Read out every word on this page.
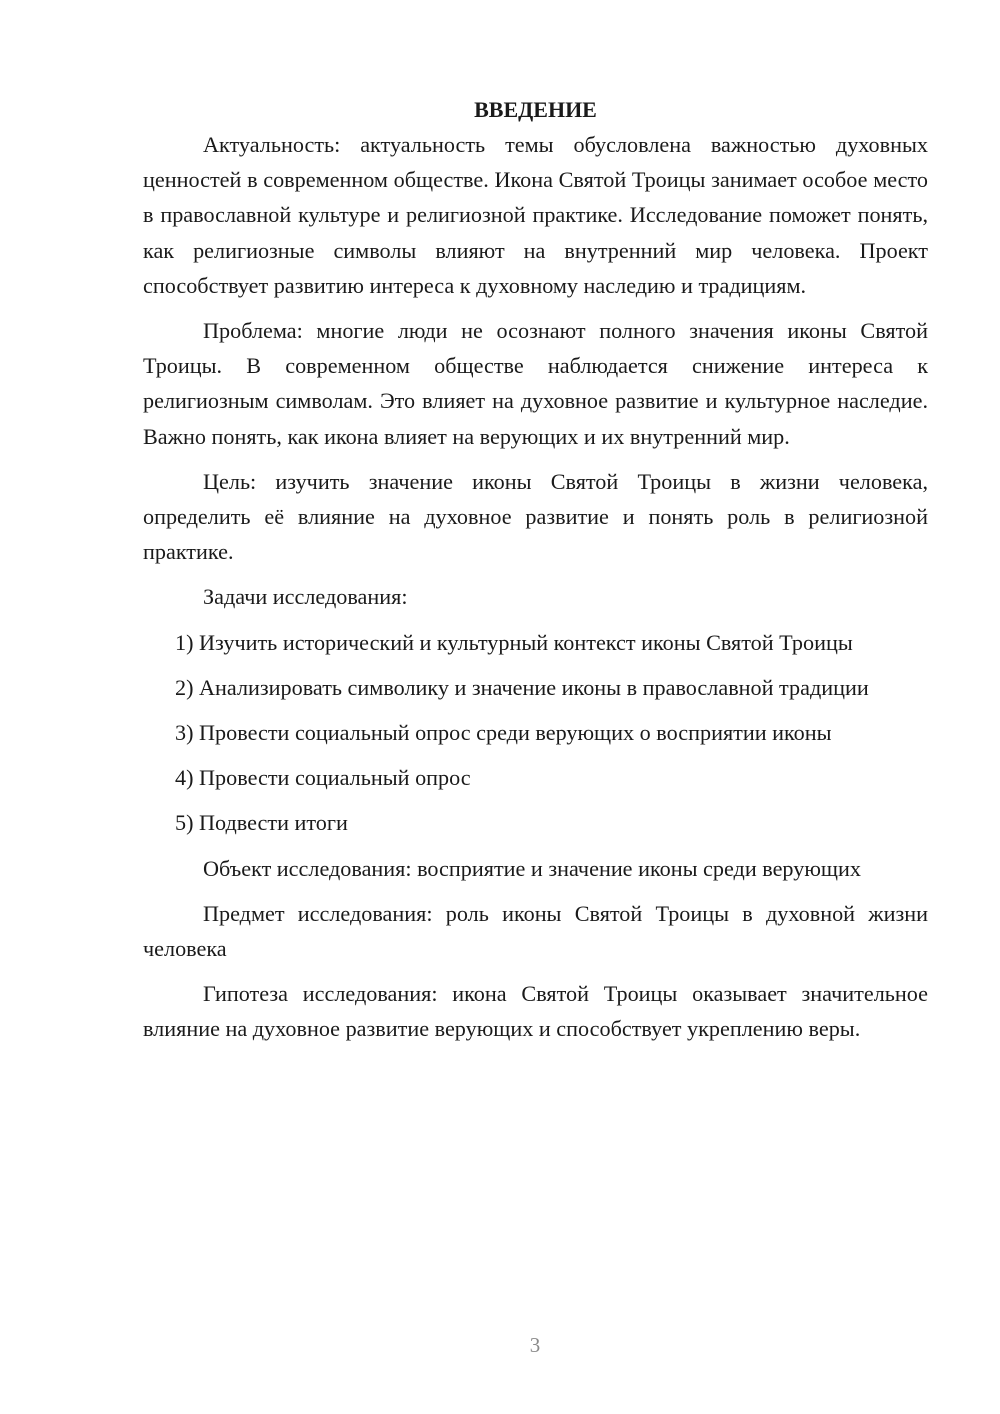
ВВЕДЕНИЕ

Актуальность: актуальность темы обусловлена важностью духовных ценностей в современном обществе. Икона Святой Троицы занимает особое место в православной культуре и религиозной практике. Исследование поможет понять, как религиозные символы влияют на внутренний мир человека. Проект способствует развитию интереса к духовному наследию и традициям.

Проблема: многие люди не осознают полного значения иконы Святой Троицы. В современном обществе наблюдается снижение интереса к религиозным символам. Это влияет на духовное развитие и культурное наследие. Важно понять, как икона влияет на верующих и их внутренний мир.

Цель: изучить значение иконы Святой Троицы в жизни человека, определить её влияние на духовное развитие и понять роль в религиозной практике.

Задачи исследования:

1) Изучить исторический и культурный контекст иконы Святой Троицы

2) Анализировать символику и значение иконы в православной традиции

3) Провести социальный опрос среди верующих о восприятии иконы

4) Провести социальный опрос

5) Подвести итоги

Объект исследования: восприятие и значение иконы среди верующих

Предмет исследования: роль иконы Святой Троицы в духовной жизни человека

Гипотеза исследования: икона Святой Троицы оказывает значительное влияние на духовное развитие верующих и способствует укреплению веры.

3
